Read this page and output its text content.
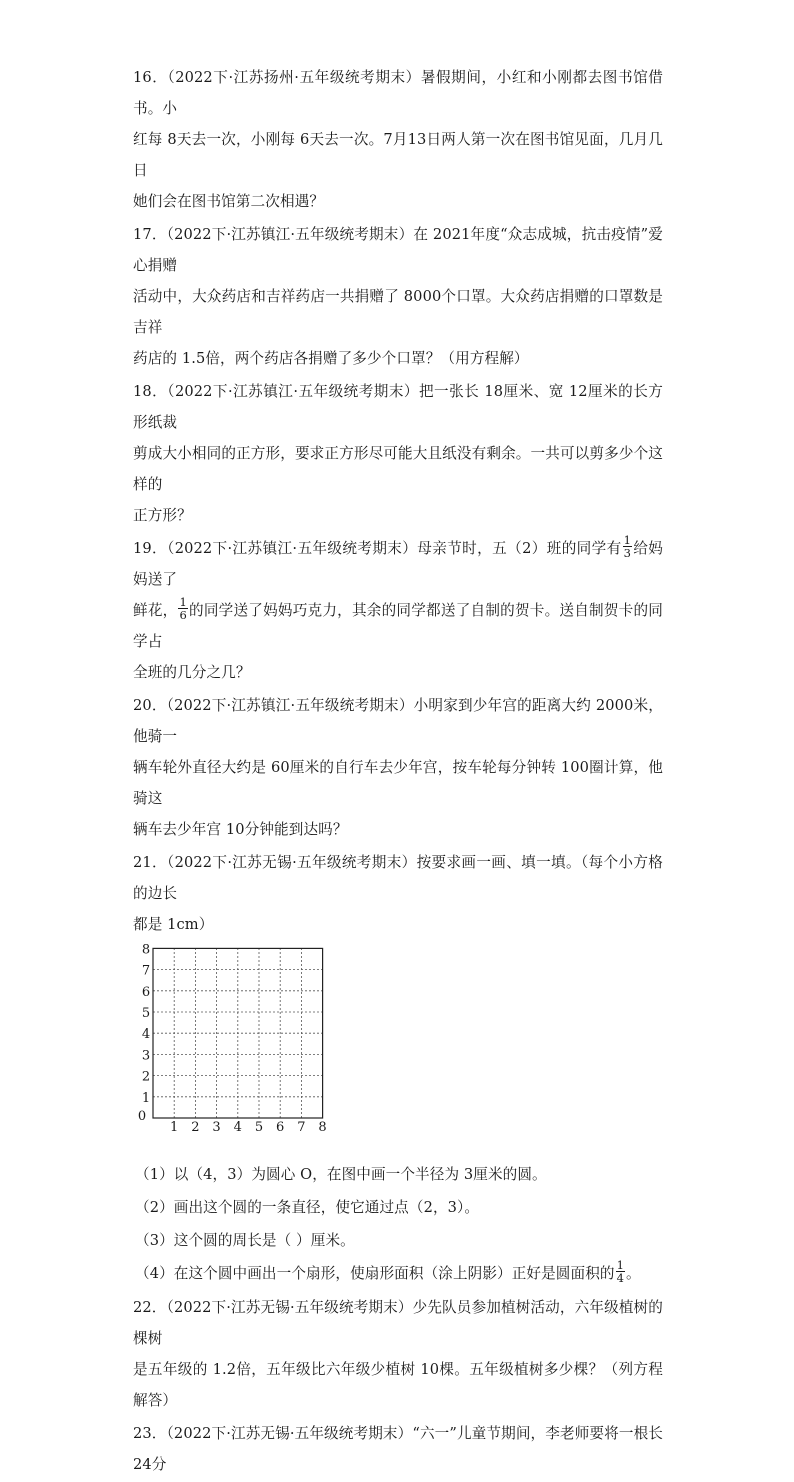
16．（2022下·江苏扬州·五年级统考期末）暑假期间，小红和小刚都去图书馆借书。小

红每 8天去一次，小刚每 6天去一次。7月13日两人第一次在图书馆见面，几月几日

她们会在图书馆第二次相遇？

17．（2022下·江苏镇江·五年级统考期末）在 2021年度“众志成城，抗击疫情”爱心捐赠

活动中，大众药店和吉祥药店一共捐赠了 8000个口罩。大众药店捐赠的口罩数是吉祥

药店的 1.5倍，两个药店各捐赠了多少个口罩？（用方程解）

18．（2022下·江苏镇江·五年级统考期末）把一张长 18厘米、宽 12厘米的长方形纸裁

剪成大小相同的正方形，要求正方形尽可能大且纸没有剩余。一共可以剪多少个这样的

正方形？

19．（2022下·江苏镇江·五年级统考期末）母亲节时，五（2）班的同学有 $\frac{1}{3}$ 给妈妈送了

鲜花， $\frac{1}{6}$ 的同学送了妈妈巧克力，其余的同学都送了自制的贺卡。送自制贺卡的同学占

全班的几分之几？

20．（2022下·江苏镇江·五年级统考期末）小明家到少年宫的距离大约 2000米，他骑一

辆车轮外直径大约是 60厘米的自行车去少年宫，按车轮每分钟转 100圈计算，他骑这

辆车去少年宫 10分钟能到达吗？

21．（2022下·江苏无锡·五年级统考期末）按要求画一画、填一填。（每个小方格的边长

都是 1cm）

0
1 2 3 4 5 6 7 8
1
2
3
4
5
6
7
8

（1）以（4，3）为圆心 O，在图中画一个半径为 3厘米的圆。

（2）画出这个圆的一条直径，使它通过点（2，3）。

（3）这个圆的周长是（ ）厘米。

（4）在这个圆中画出一个扇形，使扇形面积（涂上阴影）正好是圆面积的 $\frac{1}{4}$ 。

22．（2022下·江苏无锡·五年级统考期末）少先队员参加植树活动，六年级植树的棵树

是五年级的 1.2倍，五年级比六年级少植树 10棵。五年级植树多少棵？（列方程解答）

23．（2022下·江苏无锡·五年级统考期末）“六一”儿童节期间，李老师要将一根长 24分
